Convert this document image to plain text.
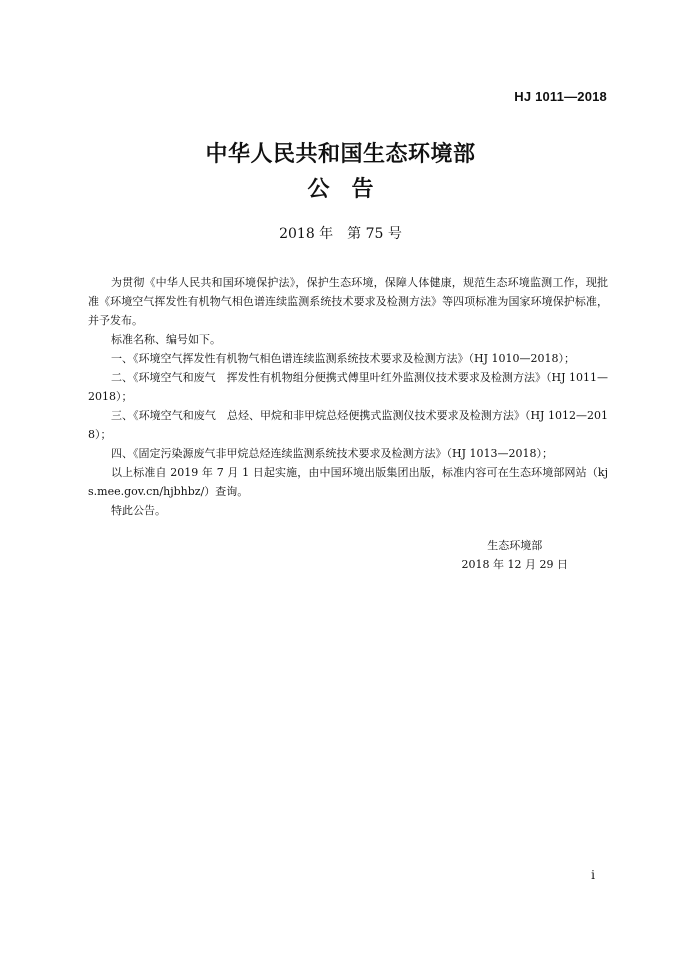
HJ 1011—2018
中华人民共和国生态环境部
公告
2018 年　第 75 号

为贯彻《中华人民共和国环境保护法》，保护生态环境，保障人体健康，规范生态环境监测工作，现批准《环境空气挥发性有机物气相色谱连续监测系统技术要求及检测方法》等四项标准为国家环境保护标准，并予发布。

标准名称、编号如下。

一、《环境空气挥发性有机物气相色谱连续监测系统技术要求及检测方法》（HJ 1010—2018）；

二、《环境空气和废气　挥发性有机物组分便携式傅里叶红外监测仪技术要求及检测方法》（HJ 1011—2018）；

三、《环境空气和废气　总烃、甲烷和非甲烷总烃便携式监测仪技术要求及检测方法》（HJ 1012—2018）；

四、《固定污染源废气非甲烷总烃连续监测系统技术要求及检测方法》（HJ 1013—2018）；

以上标准自 2019 年 7 月 1 日起实施，由中国环境出版集团出版，标准内容可在生态环境部网站（kjs.mee.gov.cn/hjbhbz/）查询。

特此公告。

生态环境部
2018 年 12 月 29 日
i
